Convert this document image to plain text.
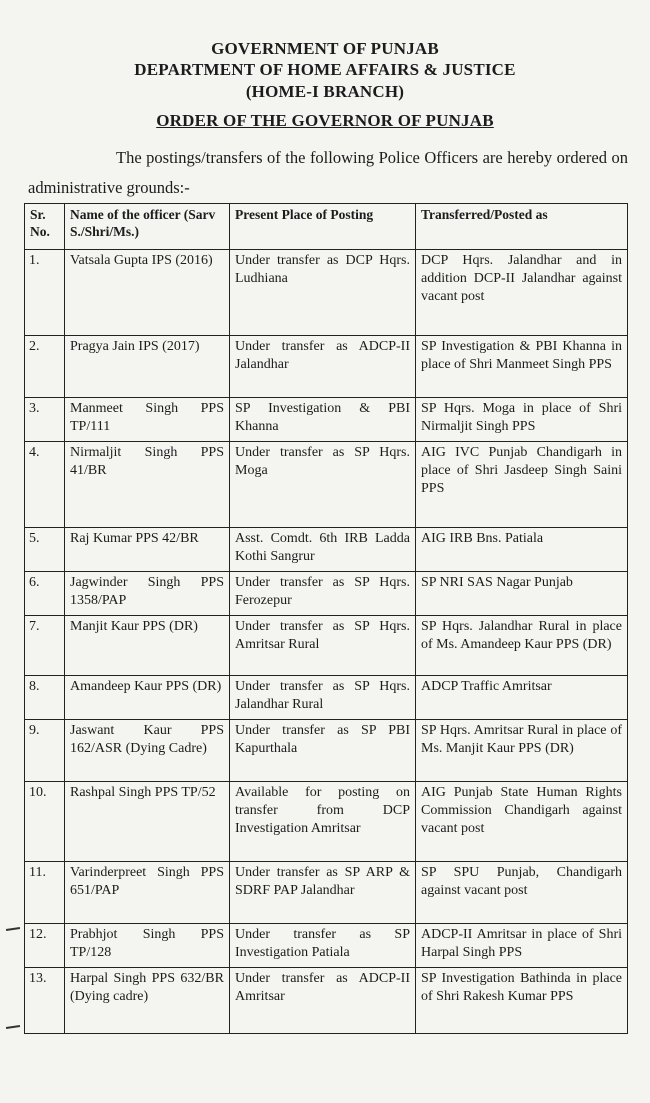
GOVERNMENT OF PUNJAB
DEPARTMENT OF HOME AFFAIRS & JUSTICE
(HOME-I BRANCH)
ORDER OF THE GOVERNOR OF PUNJAB
The postings/transfers of the following Police Officers are hereby ordered on administrative grounds:-
Sr. No.	Name of the officer (Sarv S./Shri/Ms.)	Present Place of Posting	Transferred/Posted as
1.	Vatsala Gupta IPS (2016)	Under transfer as DCP Hqrs. Ludhiana	DCP Hqrs. Jalandhar and in addition DCP-II Jalandhar against vacant post
2.	Pragya Jain IPS (2017)	Under transfer as ADCP-II Jalandhar	SP Investigation & PBI Khanna in place of Shri Manmeet Singh PPS
3.	Manmeet Singh PPS TP/111	SP Investigation & PBI Khanna	SP Hqrs. Moga in place of Shri Nirmaljit Singh PPS
4.	Nirmaljit Singh PPS 41/BR	Under transfer as SP Hqrs. Moga	AIG IVC Punjab Chandigarh in place of Shri Jasdeep Singh Saini PPS
5.	Raj Kumar PPS 42/BR	Asst. Comdt. 6th IRB Ladda Kothi Sangrur	AIG IRB Bns. Patiala
6.	Jagwinder Singh PPS 1358/PAP	Under transfer as SP Hqrs. Ferozepur	SP NRI SAS Nagar Punjab
7.	Manjit Kaur PPS (DR)	Under transfer as SP Hqrs. Amritsar Rural	SP Hqrs. Jalandhar Rural in place of Ms. Amandeep Kaur PPS (DR)
8.	Amandeep Kaur PPS (DR)	Under transfer as SP Hqrs. Jalandhar Rural	ADCP Traffic Amritsar
9.	Jaswant Kaur PPS 162/ASR (Dying Cadre)	Under transfer as SP PBI Kapurthala	SP Hqrs. Amritsar Rural in place of Ms. Manjit Kaur PPS (DR)
10.	Rashpal Singh PPS TP/52	Available for posting on transfer from DCP Investigation Amritsar	AIG Punjab State Human Rights Commission Chandigarh against vacant post
11.	Varinderpreet Singh PPS 651/PAP	Under transfer as SP ARP & SDRF PAP Jalandhar	SP SPU Punjab, Chandigarh against vacant post
12.	Prabhjot Singh PPS TP/128	Under transfer as SP Investigation Patiala	ADCP-II Amritsar in place of Shri Harpal Singh PPS
13.	Harpal Singh PPS 632/BR (Dying cadre)	Under transfer as ADCP-II Amritsar	SP Investigation Bathinda in place of Shri Rakesh Kumar PPS
